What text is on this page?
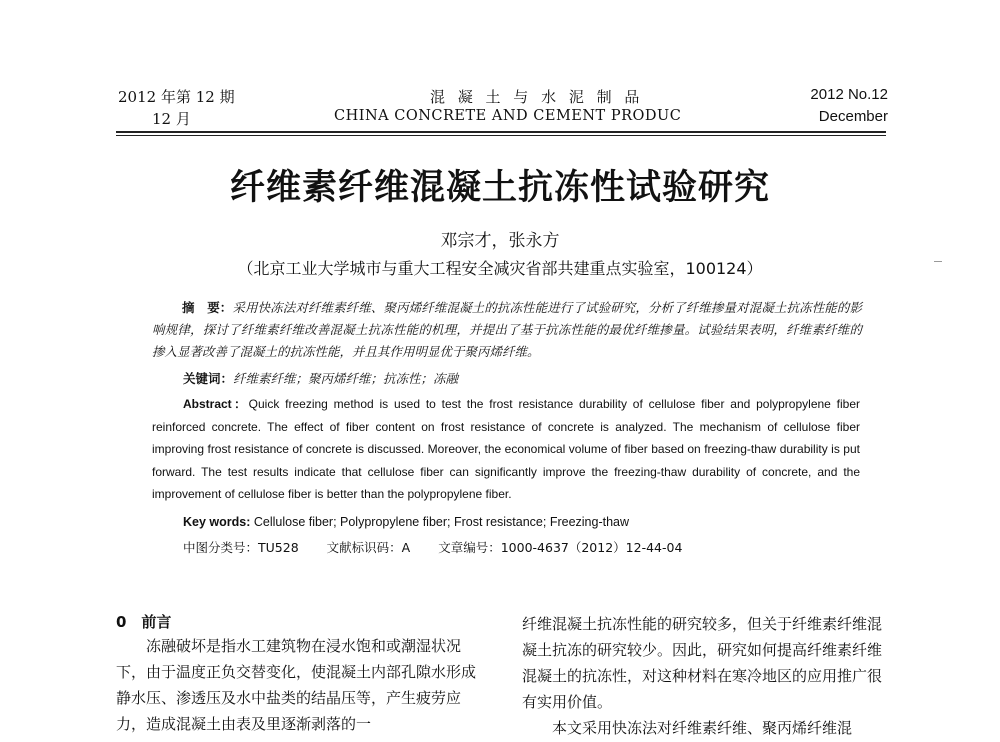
2012 年第 12 期
12 月
混 凝 土 与 水 泥 制 品
CHINA CONCRETE AND CEMENT PRODUC
2012 No.12
December
纤维素纤维混凝土抗冻性试验研究
邓宗才，张永方
（北京工业大学城市与重大工程安全减灾省部共建重点实验室，100124）
摘　要：采用快冻法对纤维素纤维、聚丙烯纤维混凝土的抗冻性能进行了试验研究，分析了纤维掺量对混凝土抗冻性能的影响规律，探讨了纤维素纤维改善混凝土抗冻性能的机理，并提出了基于抗冻性能的最优纤维掺量。试验结果表明，纤维素纤维的掺入显著改善了混凝土的抗冻性能，并且其作用明显优于聚丙烯纤维。
关键词：纤维素纤维；聚丙烯纤维；抗冻性；冻融
Abstract：Quick freezing method is used to test the frost resistance durability of cellulose fiber and polypropylene fiber reinforced concrete. The effect of fiber content on frost resistance of concrete is analyzed. The mechanism of cellulose fiber improving frost resistance of concrete is discussed. Moreover, the economical volume of fiber based on freezing-thaw durability is put forward. The test results indicate that cellulose fiber can significantly improve the freezing-thaw durability of concrete, and the improvement of cellulose fiber is better than the polypropylene fiber.
Key words: Cellulose fiber; Polypropylene fiber; Frost resistance; Freezing-thaw
中图分类号：TU528 文献标识码：A 文章编号：1000-4637（2012）12-44-04
0　前言
冻融破坏是指水工建筑物在浸水饱和或潮湿状况下，由于温度正负交替变化，使混凝土内部孔隙水形成静水压、渗透压及水中盐类的结晶压等，产生疲劳应力，造成混凝土由表及里逐渐剥落的一
纤维混凝土抗冻性能的研究较多，但关于纤维素纤维混凝土抗冻的研究较少。因此，研究如何提高纤维素纤维混凝土的抗冻性，对这种材料在寒冷地区的应用推广很有实用价值。
本文采用快冻法对纤维素纤维、聚丙烯纤维混
